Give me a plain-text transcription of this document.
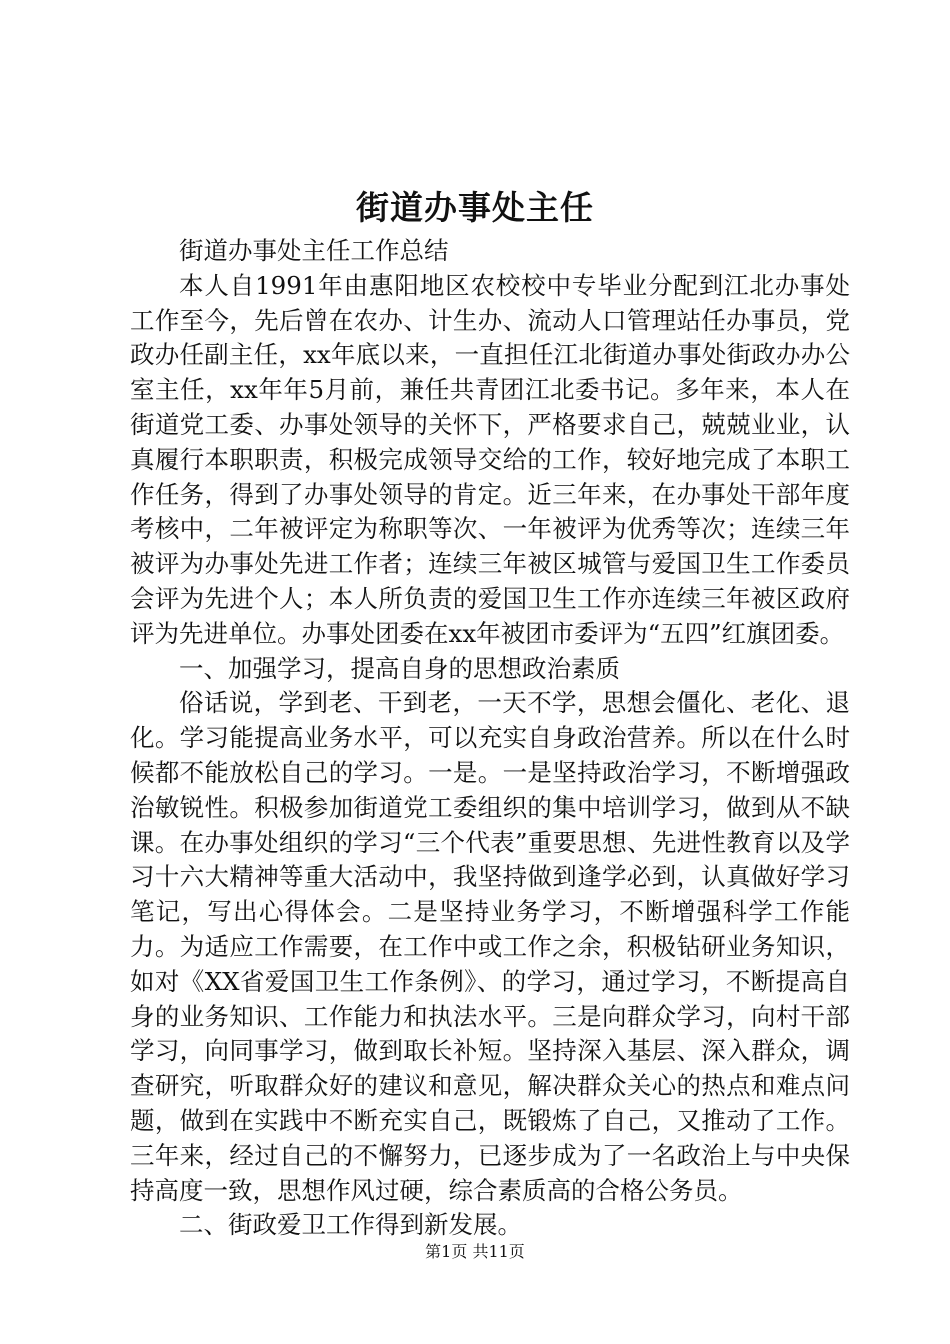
街道办事处主任

街道办事处主任工作总结

本人自1991年由惠阳地区农校校中专毕业分配到江北办事处工作至今，先后曾在农办、计生办、流动人口管理站任办事员，党政办任副主任，xx年底以来，一直担任江北街道办事处街政办办公室主任，xx年年5月前，兼任共青团江北委书记。多年来，本人在街道党工委、办事处领导的关怀下，严格要求自己，兢兢业业，认真履行本职职责，积极完成领导交给的工作，较好地完成了本职工作任务，得到了办事处领导的肯定。近三年来，在办事处干部年度考核中，二年被评定为称职等次、一年被评为优秀等次；连续三年被评为办事处先进工作者；连续三年被区城管与爱国卫生工作委员会评为先进个人；本人所负责的爱国卫生工作亦连续三年被区政府评为先进单位。办事处团委在xx年被团市委评为“五四”红旗团委。

一、加强学习，提高自身的思想政治素质

俗话说，学到老、干到老，一天不学，思想会僵化、老化、退化。学习能提高业务水平，可以充实自身政治营养。所以在什么时候都不能放松自己的学习。一是。一是坚持政治学习，不断增强政治敏锐性。积极参加街道党工委组织的集中培训学习，做到从不缺课。在办事处组织的学习“三个代表”重要思想、先进性教育以及学习十六大精神等重大活动中，我坚持做到逢学必到，认真做好学习笔记，写出心得体会。二是坚持业务学习，不断增强科学工作能力。为适应工作需要，在工作中或工作之余，积极钻研业务知识，如对《XX省爱国卫生工作条例》、的学习，通过学习，不断提高自身的业务知识、工作能力和执法水平。三是向群众学习，向村干部学习，向同事学习，做到取长补短。坚持深入基层、深入群众，调查研究，听取群众好的建议和意见，解决群众关心的热点和难点问题，做到在实践中不断充实自己，既锻炼了自己，又推动了工作。三年来，经过自己的不懈努力，已逐步成为了一名政治上与中央保持高度一致，思想作风过硬，综合素质高的合格公务员。

二、街政爱卫工作得到新发展。

第1页 共11页
